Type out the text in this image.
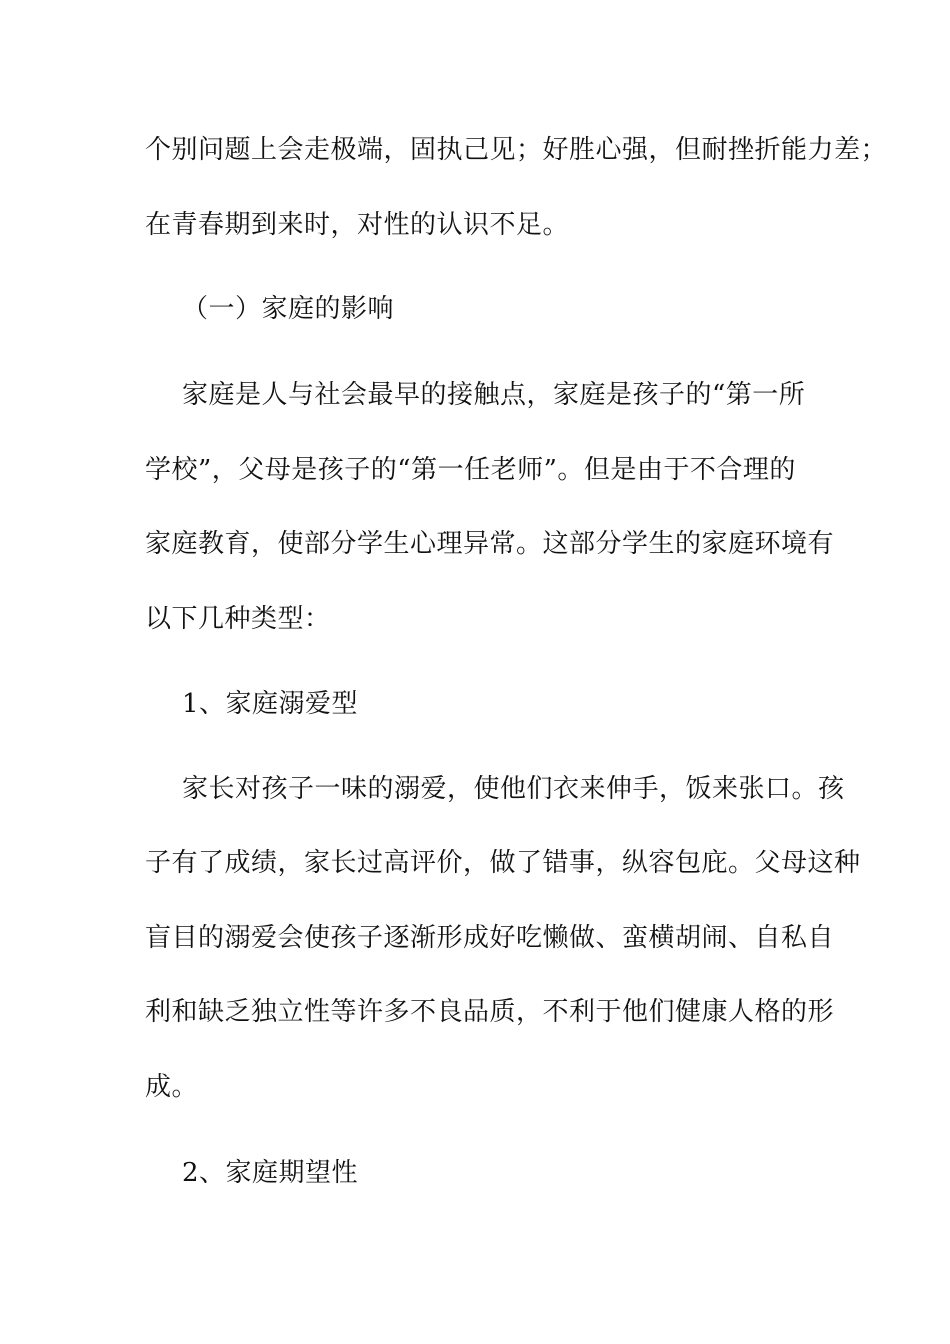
个别问题上会走极端，固执己见；好胜心强，但耐挫折能力差；
在青春期到来时，对性的认识不足。
（一）家庭的影响
家庭是人与社会最早的接触点，家庭是孩子的“第一所
学校”，父母是孩子的“第一任老师”。但是由于不合理的
家庭教育，使部分学生心理异常。这部分学生的家庭环境有
以下几种类型：
1、家庭溺爱型
家长对孩子一味的溺爱，使他们衣来伸手，饭来张口。孩
子有了成绩，家长过高评价，做了错事，纵容包庇。父母这种
盲目的溺爱会使孩子逐渐形成好吃懒做、蛮横胡闹、自私自
利和缺乏独立性等许多不良品质，不利于他们健康人格的形
成。
2、家庭期望性
